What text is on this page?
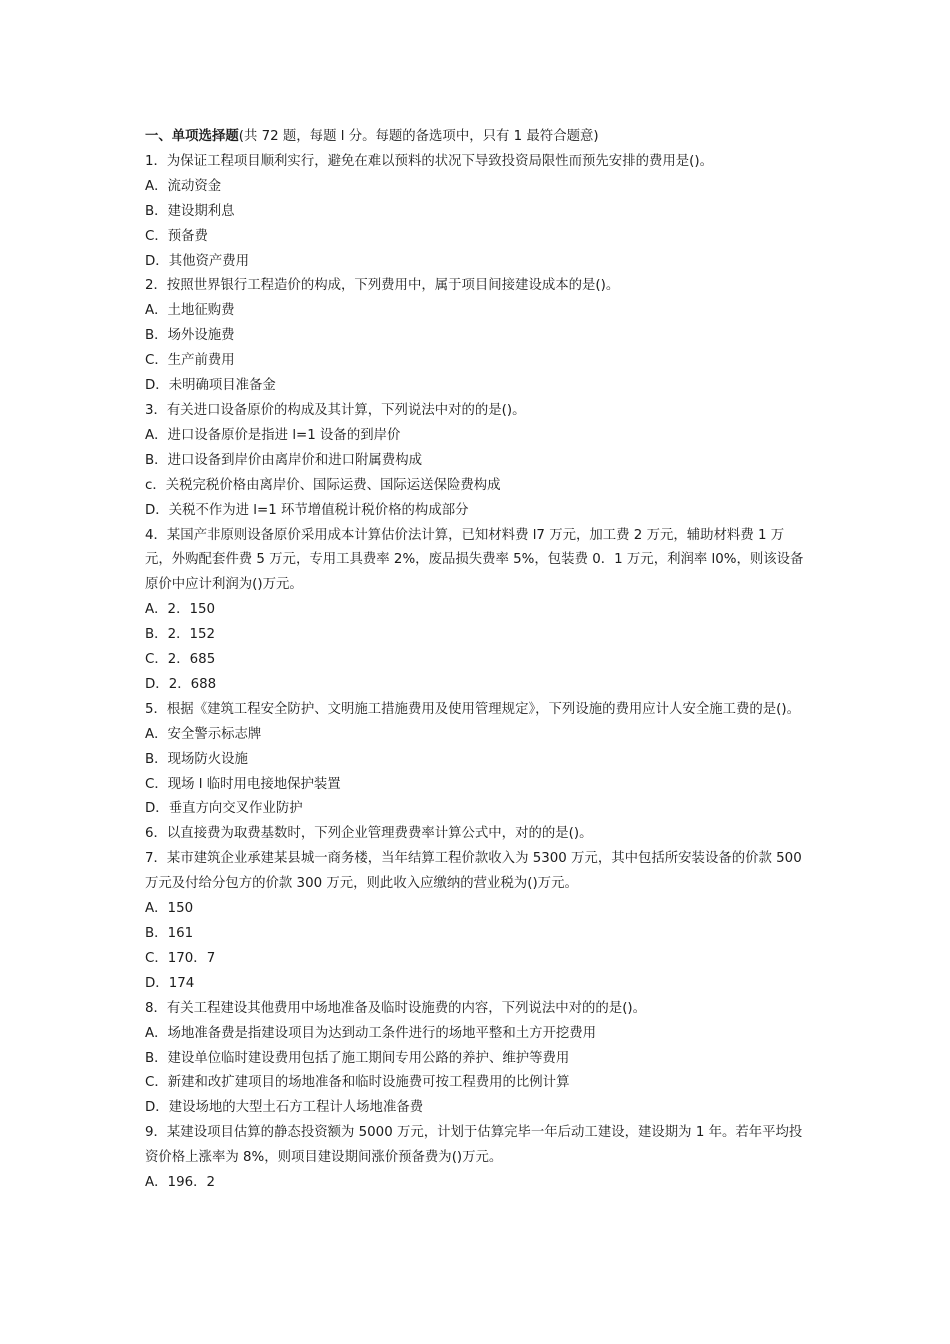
一、单项选择题(共 72 题，每题 l 分。每题的备选项中，只有 1 最符合题意)
1．为保证工程项目顺利实行，避免在难以预料的状况下导致投资局限性而预先安排的费用是()。
A．流动资金
B．建设期利息
C．预备费
D．其他资产费用
2．按照世界银行工程造价的构成，下列费用中，属于项目间接建设成本的是()。
A．土地征购费
B．场外设施费
C．生产前费用
D．未明确项目准备金
3．有关进口设备原价的构成及其计算，下列说法中对的的是()。
A．进口设备原价是指进 l=1 设备的到岸价
B．进口设备到岸价由离岸价和进口附属费构成
c．关税完税价格由离岸价、国际运费、国际运送保险费构成
D．关税不作为进 l=1 环节增值税计税价格的构成部分
4．某国产非原则设备原价采用成本计算估价法计算，已知材料费 l7 万元，加工费 2 万元，辅助材料费 1 万元，外购配套件费 5 万元，专用工具费率 2%，废品损失费率 5%，包装费 0．1 万元，利润率 l0%，则该设备原价中应计利润为()万元。
A．2．150
B．2．152
C．2．685
D．2．688
5．根据《建筑工程安全防护、文明施工措施费用及使用管理规定》，下列设施的费用应计人安全施工费的是()。
A．安全警示标志牌
B．现场防火设施
C．现场 l 临时用电接地保护装置
D．垂直方向交叉作业防护
6．以直接费为取费基数时，下列企业管理费费率计算公式中，对的的是()。
7．某市建筑企业承建某县城一商务楼，当年结算工程价款收入为 5300 万元，其中包括所安装设备的价款 500 万元及付给分包方的价款 300 万元，则此收入应缴纳的营业税为()万元。
A．150
B．161
C．170．7
D．174
8．有关工程建设其他费用中场地准备及临时设施费的内容，下列说法中对的的是()。
A．场地准备费是指建设项目为达到动工条件进行的场地平整和土方开挖费用
B．建设单位临时建设费用包括了施工期间专用公路的养护、维护等费用
C．新建和改扩建项目的场地准备和临时设施费可按工程费用的比例计算
D．建设场地的大型土石方工程计人场地准备费
9．某建设项目估算的静态投资额为 5000 万元，计划于估算完毕一年后动工建设，建设期为 1 年。若年平均投资价格上涨率为 8%，则项目建设期间涨价预备费为()万元。
A．196．2
